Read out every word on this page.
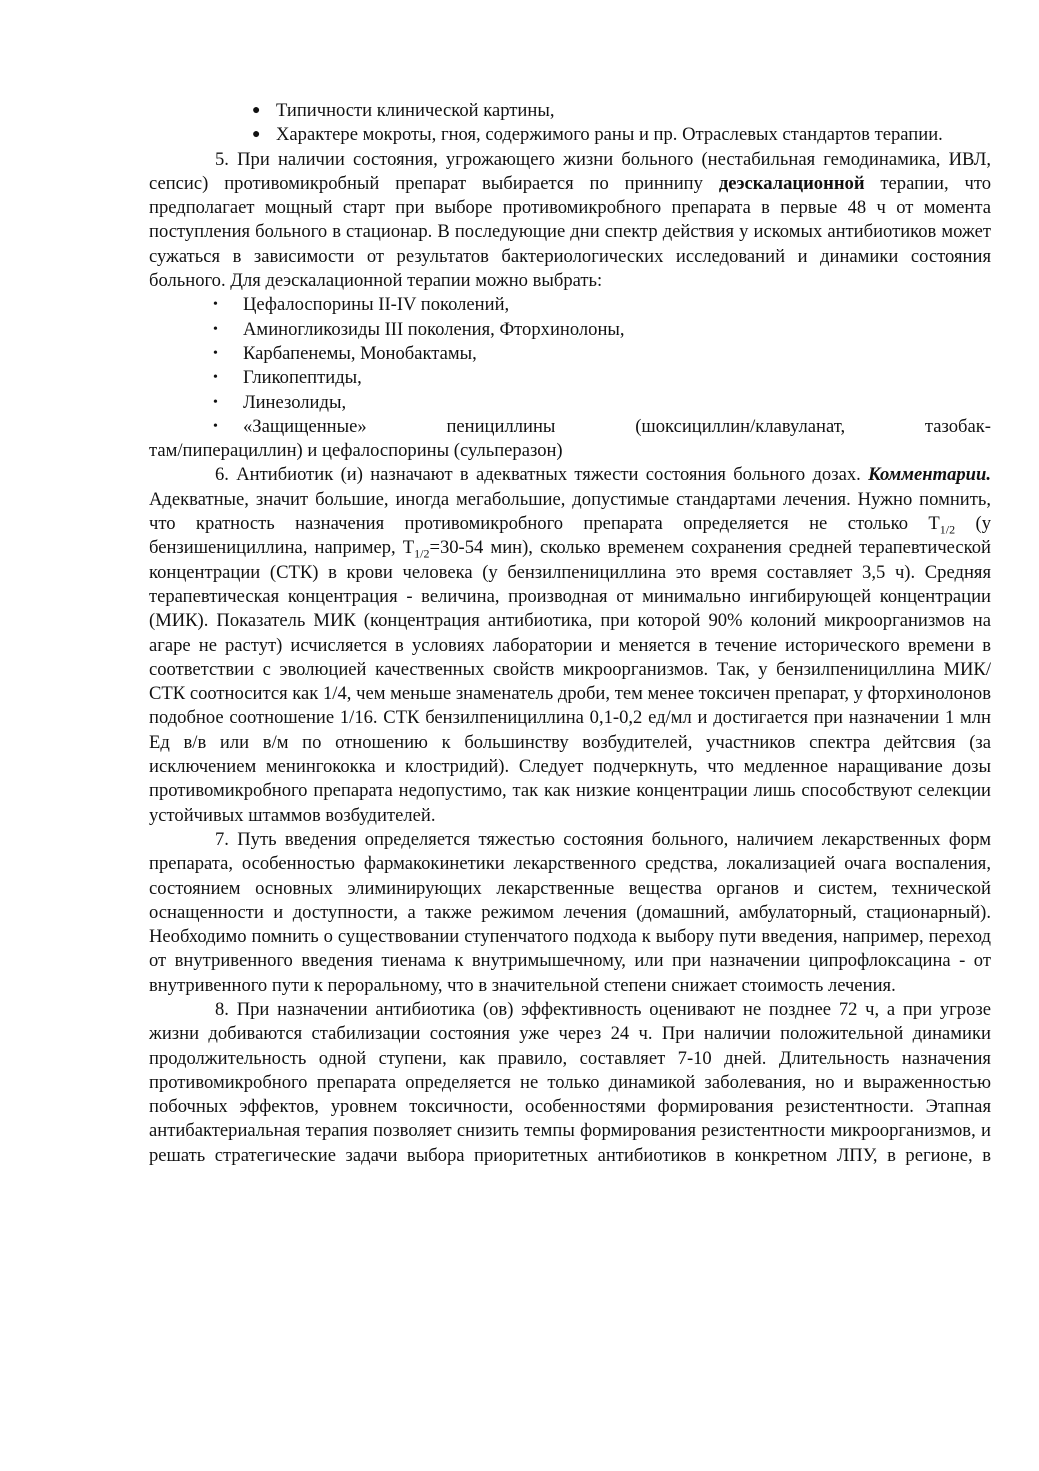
● Типичности клинической картины,

● Характере мокроты, гноя, содержимого раны и пр. Отраслевых стандартов терапии.

5. При наличии состояния, угрожающего жизни больного (нестабильная гемодинамика, ИВЛ, сепсис) противомикробный препарат выбирается по приннипу деэскалационной терапии, что предполагает мощный старт при выборе противомикробного препарата в первые 48 ч от момента поступления больного в стационар. В последующие дни спектр действия у искомых антибиотиков может сужаться в зависимости от результатов бактериологических исследований и динамики состояния больного. Для деэскалационной терапии можно выбрать:

• Цефалоспорины II-IV поколений,

• Аминогликозиды III поколения, Фторхинолоны,

• Карбапенемы, Монобактамы,

• Гликопептиды,

• Линезолиды,

•	«Защищенные» пенициллины (шоксициллин/клавуланат, тазобак-
там/пиперациллин) и цефалоспорины (сульперазон)

6. Антибиотик (и) назначают в адекватных тяжести состояния больного дозах. Комментарии. Адекватные, значит большие, иногда мегабольшие, допустимые стандартами лечения. Нужно помнить, что кратность назначения противомикробного препарата определяется не столько $T_{1/2}$ (у бензишенициллина, например, $T_{1/2}=30-54$ мин), сколько временем сохранения средней терапевтической концентрации (СТК) в крови человека (у бензилпенициллина это время составляет 3,5 ч). Средняя терапевтическая концентрация - величина, производная от минимально ингибирующей концентрации (МИК). Показатель МИК (концентрация антибиотика, при которой 90% колоний микроорганизмов на агаре не растут) исчисляется в условиях лаборатории и меняется в течение исторического времени в соответствии с эволюцией качественных свойств микроорганизмов. Так, у бензилпенициллина МИК/СТК соотносится как 1/4, чем меньше знаменатель дроби, тем менее токсичен препарат, у фторхинолонов подобное соотношение 1/16. СТК бензилпенициллина 0,1-0,2 ед/мл и достигается при назначении 1 млн Ед в/в или в/м по отношению к большинству возбудителей, участников спектра дейтсвия (за исключением менингококка и клостридий). Следует подчеркнуть, что медленное наращивание дозы противомикробного препарата недопустимо, так как низкие концентрации лишь способствуют селекции устойчивых штаммов возбудителей.

7. Путь введения определяется тяжестью состояния больного, наличием лекарственных форм препарата, особенностью фармакокинетики лекарственного средства, локализацией очага воспаления, состоянием основных элиминирующих лекарственные вещества органов и систем, технической оснащенности и доступности, а также режимом лечения (домашний, амбулаторный, стационарный). Необходимо помнить о существовании ступенчатого подхода к выбору пути введения, например, переход от внутривенного введения тиенама к внутримышечному, или при назначении ципрофлоксацина - от внутривенного пути к пероральному, что в значительной степени снижает стоимость лечения.

8. При назначении антибиотика (ов) эффективность оценивают не позднее 72 ч, а при угрозе жизни добиваются стабилизации состояния уже через 24 ч. При наличии положительной динамики продолжительность одной ступени, как правило, составляет 7-10 дней. Длительность назначения противомикробного препарата определяется не только динамикой заболевания, но и выраженностью побочных эффектов, уровнем токсичности, особенностями формирования резистентности. Этапная антибактериальная терапия позволяет снизить темпы формирования резистентности микроорганизмов, и решать стратегические задачи выбора приоритетных антибиотиков в конкретном ЛПУ, в регионе, в
